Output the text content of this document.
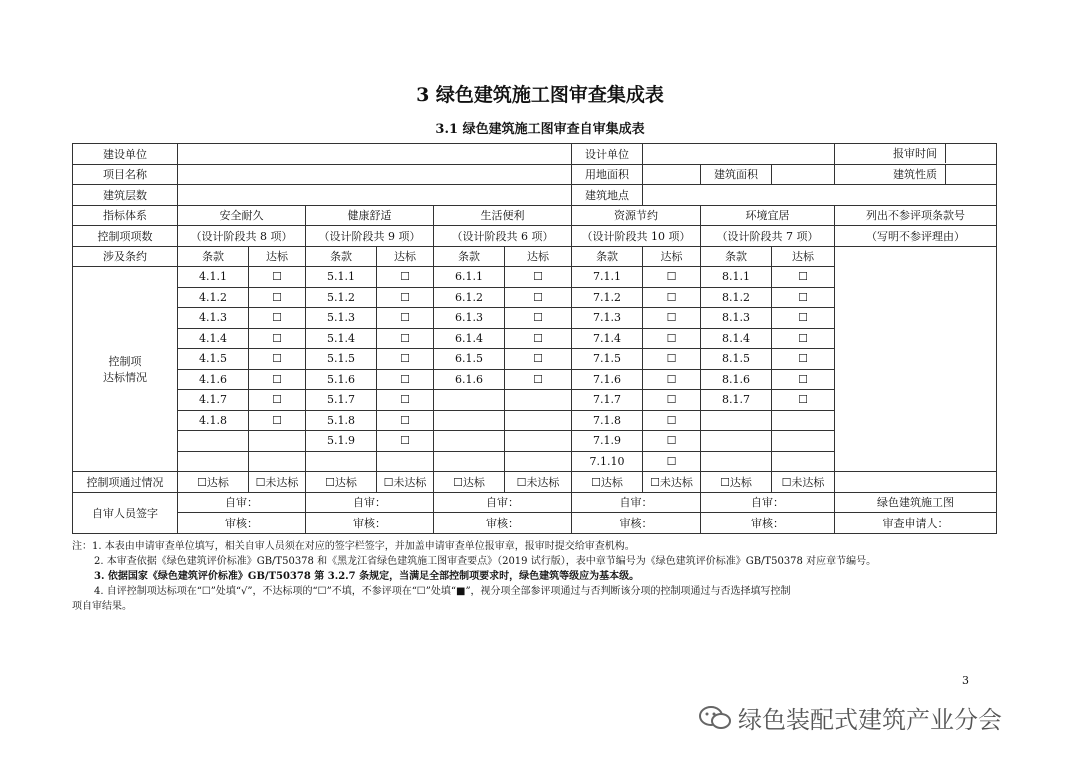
3 绿色建筑施工图审查集成表
3.1 绿色建筑施工图审查自审集成表
建设单位							设计单位				报审时间
项目名称							用地面积		建筑面积		建筑性质
建筑层数							建筑地点				
指标体系	安全耐久		健康舒适		生活便利		资源节约		环境宜居		列出不参评项条款号
控制项项数	（设计阶段共 8 项）		（设计阶段共 9 项）		（设计阶段共 6 项）		（设计阶段共 10 项）		（设计阶段共 7 项）		（写明不参评理由）
涉及条约	条款	达标	条款	达标	条款	达标	条款	达标	条款	达标	

控制项
达标情况	4.1.1	☐	5.1.1	☐	6.1.1	☐	7.1.1	☐	8.1.1	☐	
	4.1.2	☐	5.1.2	☐	6.1.2	☐	7.1.2	☐	8.1.2	☐	
	4.1.3	☐	5.1.3	☐	6.1.3	☐	7.1.3	☐	8.1.3	☐	
	4.1.4	☐	5.1.4	☐	6.1.4	☐	7.1.4	☐	8.1.4	☐	
	4.1.5	☐	5.1.5	☐	6.1.5	☐	7.1.5	☐	8.1.5	☐	
	4.1.6	☐	5.1.6	☐	6.1.6	☐	7.1.6	☐	8.1.6	☐	
	4.1.7	☐	5.1.7	☐			7.1.7	☐	8.1.7	☐	
	4.1.8	☐	5.1.8	☐			7.1.8	☐			
			5.1.9	☐			7.1.9	☐			
							7.1.10	☐			
控制项通过情况	☐达标	☐未达标	☐达标	☐未达标	☐达标	☐未达标	☐达标	☐未达标	☐达标	☐未达标	
自审人员签字	自审：		自审：		自审：		自审：		自审：		绿色建筑施工图
	审核：		审核：		审核：		审核：		审核：		审查申请人：

注：1. 本表由申请审查单位填写，相关自审人员须在对应的签字栏签字，并加盖申请审查单位报审章，报审时提交给审查机构。

2. 本审查依据《绿色建筑评价标准》GB/T50378 和《黑龙江省绿色建筑施工图审查要点》（2019 试行版），表中章节编号为《绿色建筑评价标准》GB/T50378 对应章节编号。

3. 依据国家《绿色建筑评价标准》GB/T50378 第 3.2.7 条规定，当满足全部控制项要求时，绿色建筑等级应为基本级。

4. 自评控制项达标项在“☐”处填“√”，不达标项的“☐”不填，不参评项在“☐”处填“■”，视分项全部参评项通过与否判断该分项的控制项通过与否选择填写控制

项自审结果。

3
绿色装配式建筑产业分会
